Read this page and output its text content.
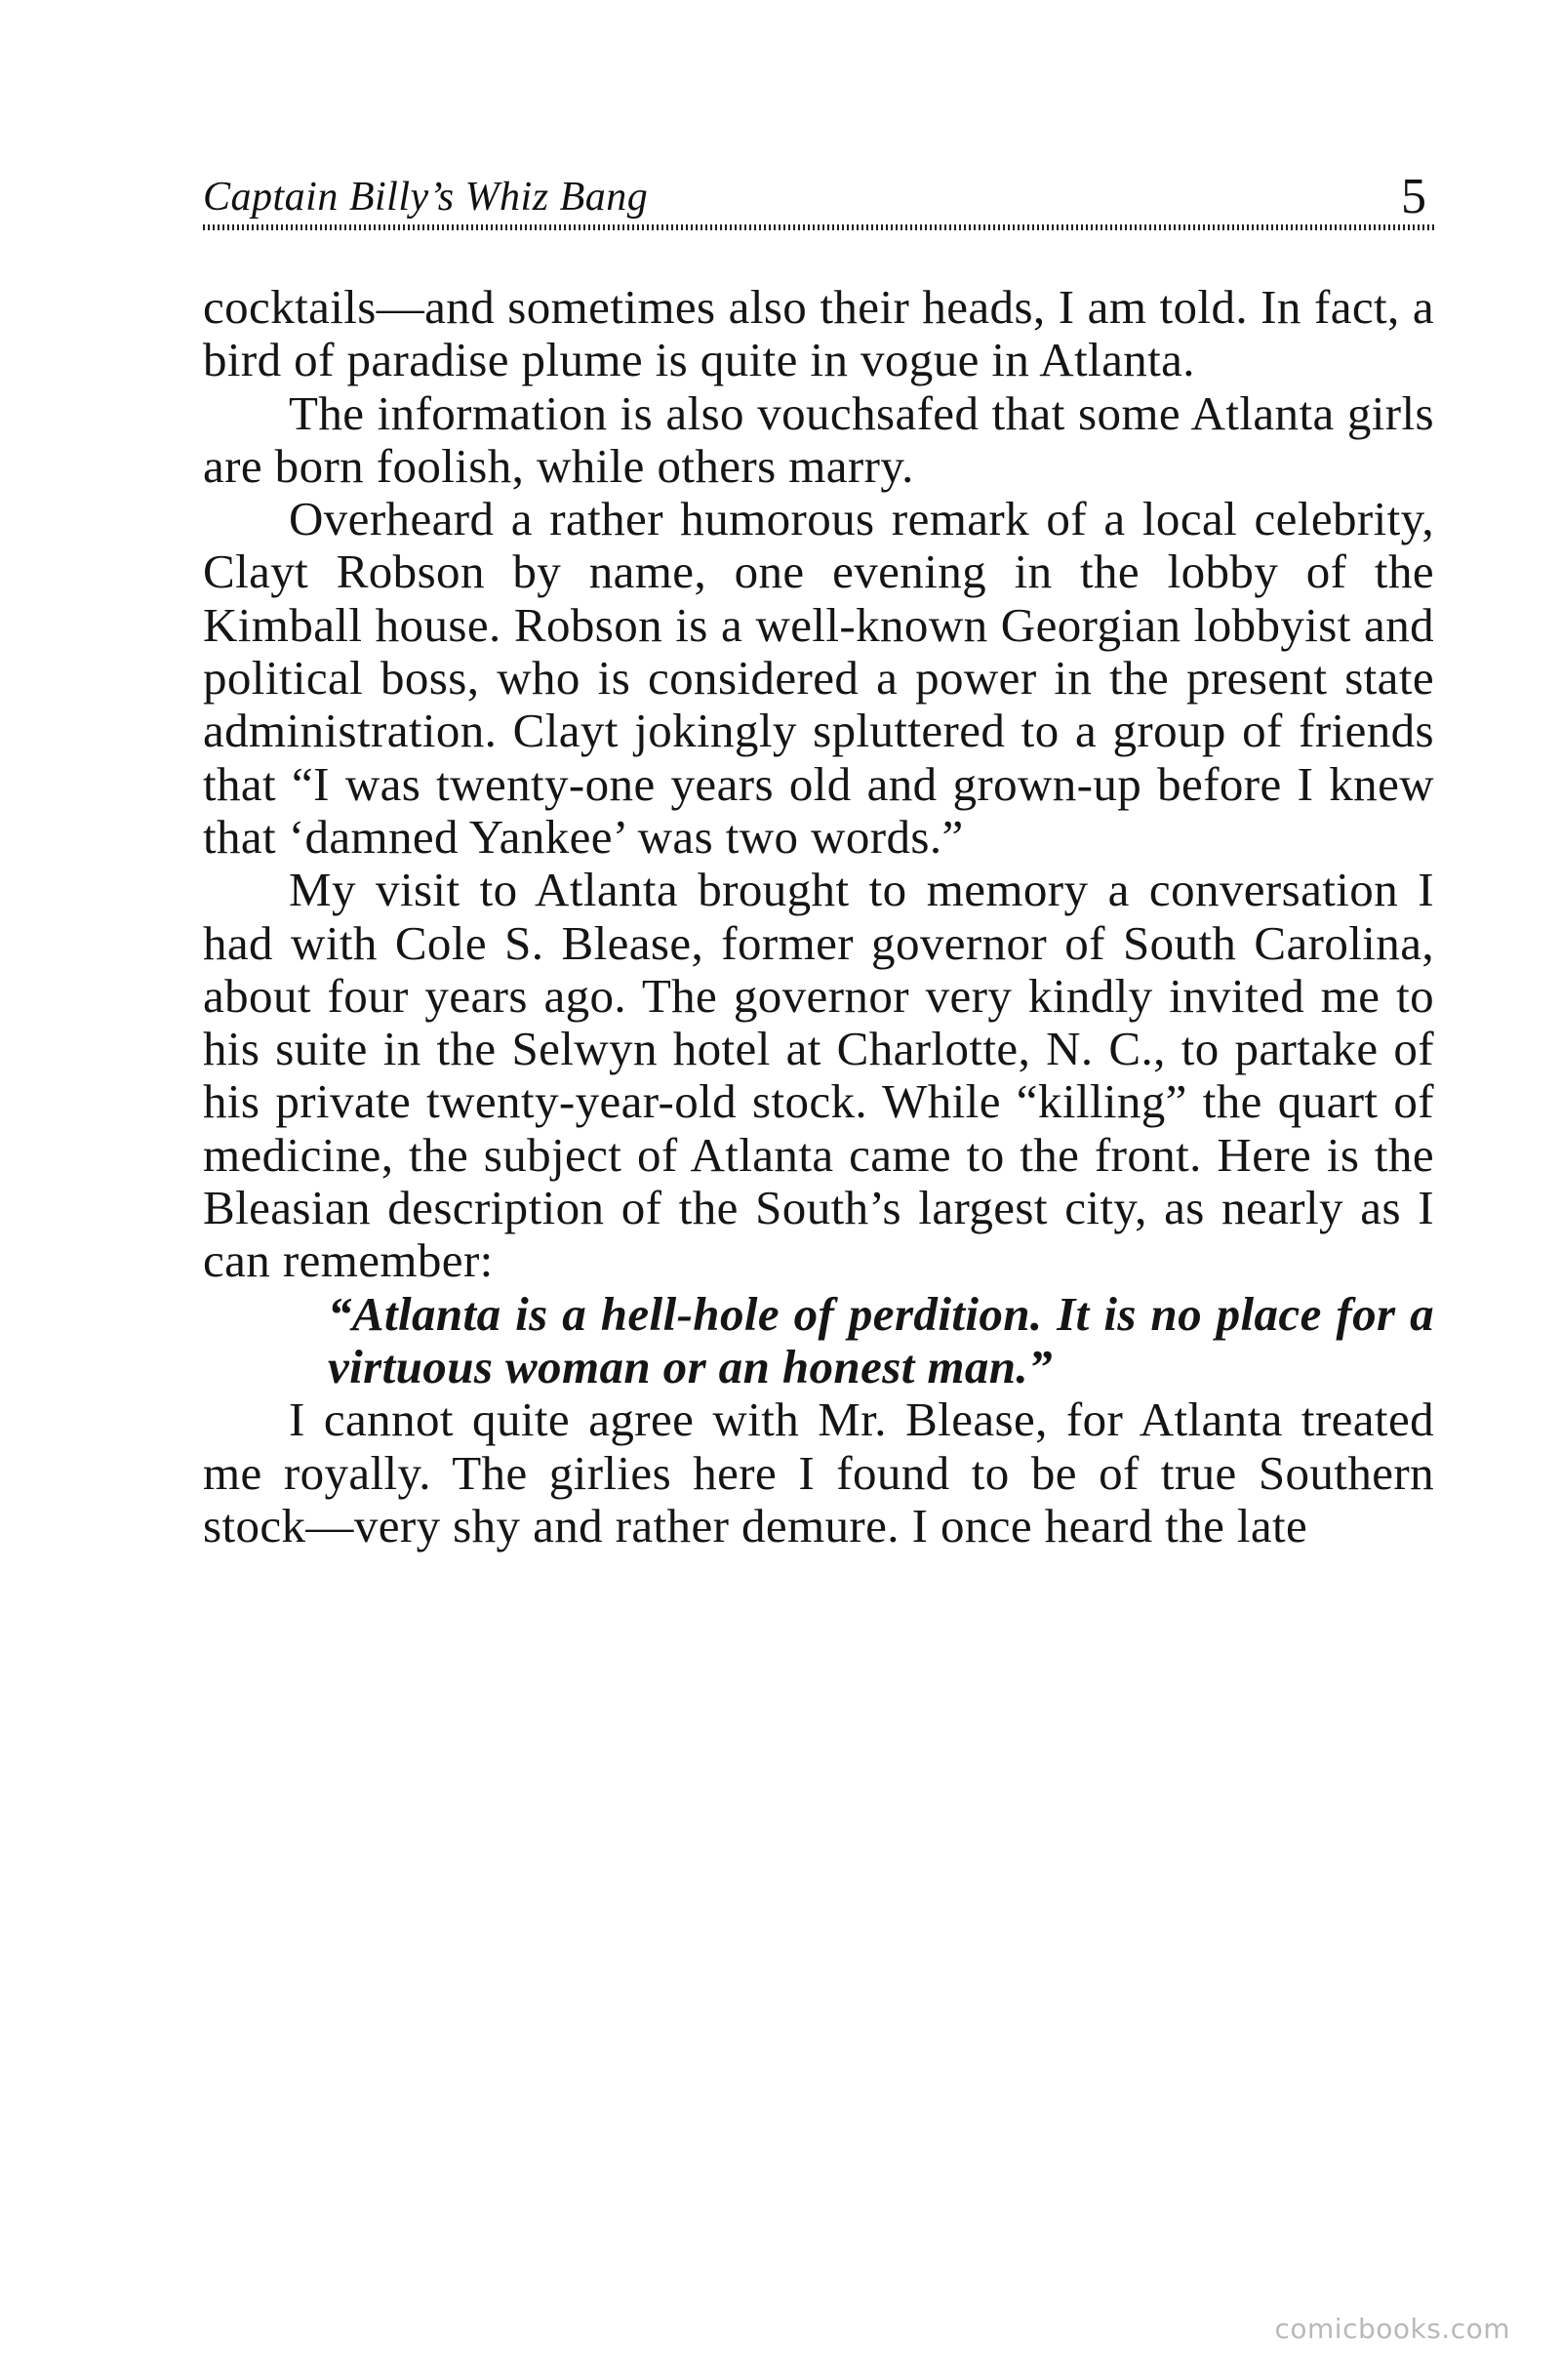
Captain Billy’s Whiz Bang	5

cocktails—and sometimes also their heads, I am told. In fact, a bird of paradise plume is quite in vogue in Atlanta.

The information is also vouchsafed that some Atlanta girls are born foolish, while others marry.

Overheard a rather humorous remark of a local celebrity, Clayt Robson by name, one evening in the lobby of the Kimball house. Robson is a well-known Georgian lobbyist and political boss, who is considered a power in the present state administration. Clayt jokingly spluttered to a group of friends that “I was twenty-one years old and grown-up before I knew that ‘damned Yankee’ was two words.”

My visit to Atlanta brought to memory a conversation I had with Cole S. Blease, former governor of South Carolina, about four years ago. The governor very kindly invited me to his suite in the Selwyn hotel at Charlotte, N. C., to partake of his private twenty-year-old stock. While “killing” the quart of medicine, the subject of Atlanta came to the front. Here is the Bleasian description of the South’s largest city, as nearly as I can remember:

“Atlanta is a hell-hole of perdition. It is no place for a virtuous woman or an honest man.”

I cannot quite agree with Mr. Blease, for Atlanta treated me royally. The girlies here I found to be of true Southern stock—very shy and rather demure. I once heard the late

comicbooks.com
